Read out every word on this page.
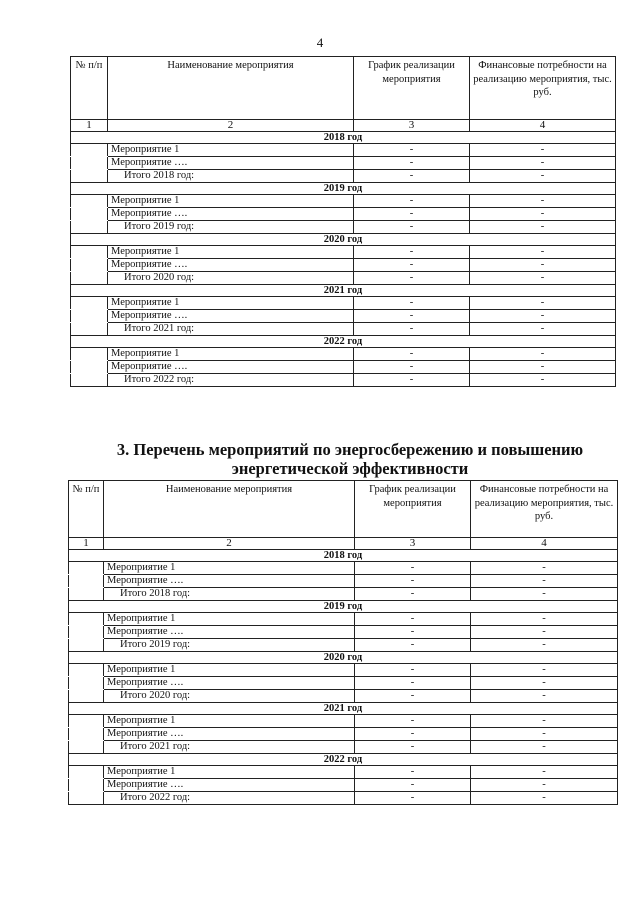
4
№ п/п	Наименование мероприятия	График реализации мероприятия	Финансовые потребности на реализацию мероприятия, тыс. руб.
1	2	3	4
2018 год			
	Мероприятие 1	-	-
	Мероприятие ….	-	-
	Итого 2018 год:	-	-
2019 год			
	Мероприятие 1	-	-
	Мероприятие ….	-	-
	Итого 2019 год:	-	-
2020 год			
	Мероприятие 1	-	-
	Мероприятие ….	-	-
	Итого 2020 год:	-	-
2021 год			
	Мероприятие 1	-	-
	Мероприятие ….	-	-
	Итого 2021 год:	-	-
2022 год			
	Мероприятие 1	-	-
	Мероприятие ….	-	-
	Итого 2022 год:	-	-
3. Перечень мероприятий по энергосбережению и повышению энергетической эффективности
№ п/п	Наименование мероприятия	График реализации мероприятия	Финансовые потребности на реализацию мероприятия, тыс. руб.
1	2	3	4
2018 год			
	Мероприятие 1	-	-
	Мероприятие ….	-	-
	Итого 2018 год:	-	-
2019 год			
	Мероприятие 1	-	-
	Мероприятие ….	-	-
	Итого 2019 год:	-	-
2020 год			
	Мероприятие 1	-	-
	Мероприятие ….	-	-
	Итого 2020 год:	-	-
2021 год			
	Мероприятие 1	-	-
	Мероприятие ….	-	-
	Итого 2021 год:	-	-
2022 год			
	Мероприятие 1	-	-
	Мероприятие ….	-	-
	Итого 2022 год:	-	-
